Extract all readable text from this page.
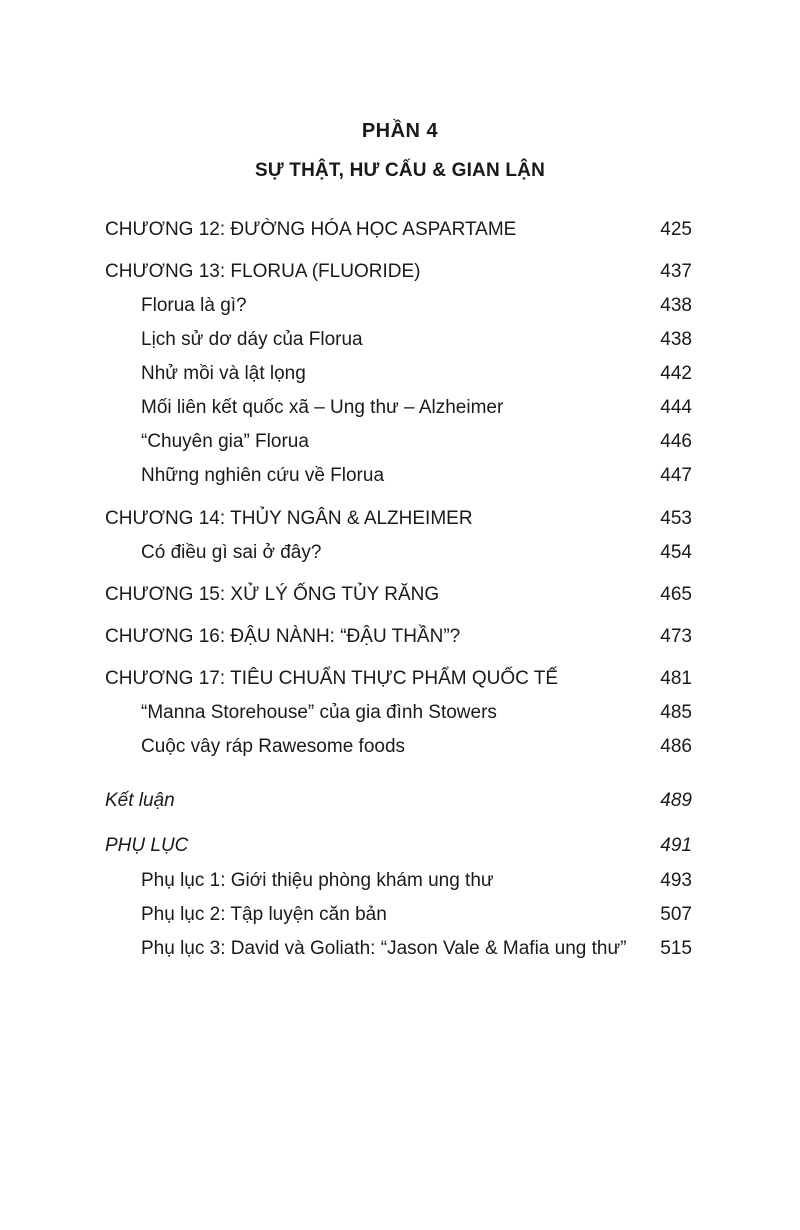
PHẦN 4
SỰ THẬT, HƯ CẤU & GIAN LẬN
CHƯƠNG 12: ĐƯỜNG HÓA HỌC ASPARTAME	425
CHƯƠNG 13: FLORUA (FLUORIDE)	437
Florua là gì?	438
Lịch sử dơ dáy của Florua	438
Nhử mồi và lật lọng	442
Mối liên kết quốc xã – Ung thư – Alzheimer	444
“Chuyên gia” Florua	446
Những nghiên cứu về Florua	447
CHƯƠNG 14: THỦY NGÂN & ALZHEIMER	453
Có điều gì sai ở đây?	454
CHƯƠNG 15: XỬ LÝ ỐNG TỦY RĂNG	465
CHƯƠNG 16: ĐẬU NÀNH: “ĐẬU THẦN”?	473
CHƯƠNG 17: TIÊU CHUẨN THỰC PHẨM QUỐC TẾ	481
“Manna Storehouse” của gia đình Stowers	485
Cuộc vây ráp Rawesome foods	486
Kết luận	489
PHỤ LỤC	491
Phụ lục 1: Giới thiệu phòng khám ung thư	493
Phụ lục 2: Tập luyện căn bản	507
Phụ lục 3: David và Goliath: “Jason Vale & Mafia ung thư” 515
